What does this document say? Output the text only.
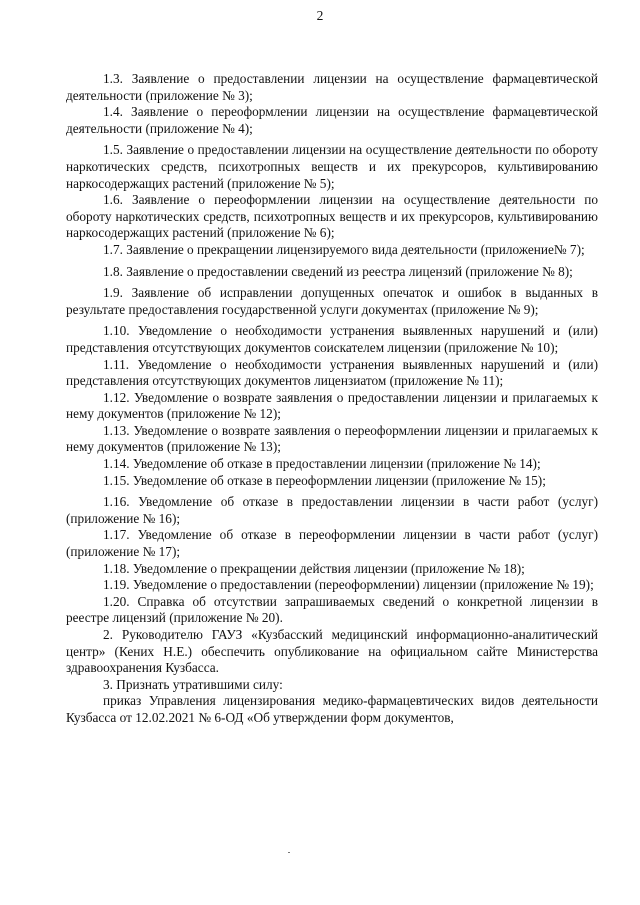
2

1.3. Заявление о предоставлении лицензии на осуществление фармацевтической деятельности (приложение № 3);

1.4. Заявление о переоформлении лицензии на осуществление фармацевтической деятельности (приложение № 4);

1.5. Заявление о предоставлении лицензии на осуществление деятельности по обороту наркотических средств, психотропных веществ и их прекурсоров, культивированию наркосодержащих растений (приложение № 5);

1.6. Заявление о переоформлении лицензии на осуществление деятельности по обороту наркотических средств, психотропных веществ и их прекурсоров, культивированию наркосодержащих растений (приложение № 6);

1.7. Заявление о прекращении лицензируемого вида деятельности (приложение№ 7);

1.8. Заявление о предоставлении сведений из реестра лицензий (приложение № 8);

1.9. Заявление об исправлении допущенных опечаток и ошибок в выданных в результате предоставления государственной услуги документах (приложение № 9);

1.10. Уведомление о необходимости устранения выявленных нарушений и (или) представления отсутствующих документов соискателем лицензии (приложение № 10);

1.11. Уведомление о необходимости устранения выявленных нарушений и (или) представления отсутствующих документов лицензиатом (приложение № 11);

1.12. Уведомление о возврате заявления о предоставлении лицензии и прилагаемых к нему документов (приложение № 12);

1.13. Уведомление о возврате заявления о переоформлении лицензии и прилагаемых к нему документов (приложение № 13);

1.14. Уведомление об отказе в предоставлении лицензии (приложение № 14);

1.15. Уведомление об отказе в переоформлении лицензии (приложение № 15);

1.16. Уведомление об отказе в предоставлении лицензии в части работ (услуг) (приложение № 16);

1.17. Уведомление об отказе в переоформлении лицензии в части работ (услуг) (приложение № 17);

1.18. Уведомление о прекращении действия лицензии (приложение № 18);

1.19. Уведомление о предоставлении (переоформлении) лицензии (приложение № 19);

1.20. Справка об отсутствии запрашиваемых сведений о конкретной лицензии в реестре лицензий (приложение № 20).

2. Руководителю ГАУЗ «Кузбасский медицинский информационно-аналитический центр» (Кених Н.Е.) обеспечить опубликование на официальном сайте Министерства здравоохранения Кузбасса.

3. Признать утратившими силу:

приказ Управления лицензирования медико-фармацевтических видов деятельности Кузбасса от 12.02.2021 № 6-ОД «Об утверждении форм документов,
